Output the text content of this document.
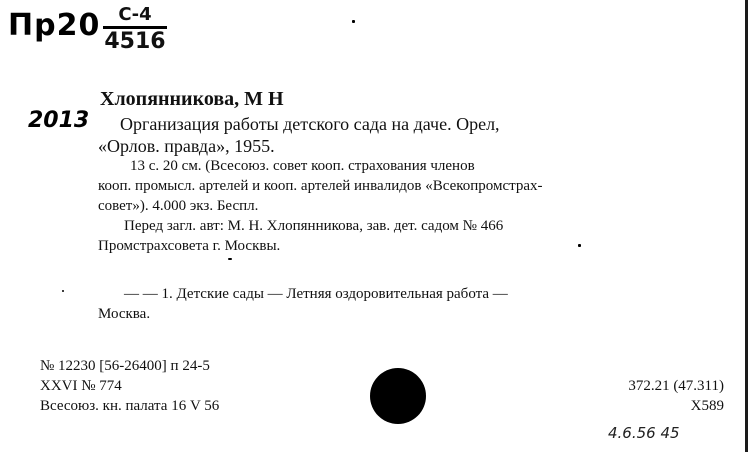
Пр20	С-4
4516
2013
Хлопянникова, М Н
Организация работы детского сада на даче. Орел,
«Орлов. правда», 1955.
13 с. 20 см. (Всесоюз. совет кооп. страхования членов
кооп. промысл. артелей и кооп. артелей инвалидов «Всекопромстрах-
совет»). 4.000 экз. Беспл.
Перед загл. авт: М. Н. Хлопянникова, зав. дет. садом № 466
Промстрахсовета г. Москвы.
— — 1. Детские сады — Летняя оздоровительная работа —
Москва.
№ 12230 [56-26400] п 24-5
XXVI № 774
Всесоюз. кн. палата 16 V 56
372.21 (47.311)
Х589
4.6.56 45
